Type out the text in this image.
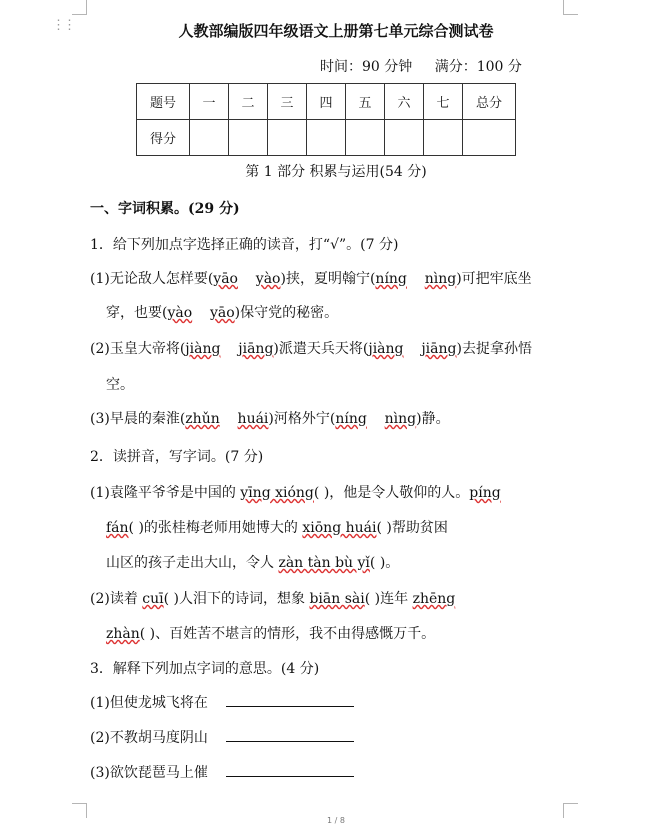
⋮⋮	人教部编版四年级语文上册第七单元综合测试卷
时间：90 分钟 满分：100 分
题号	一	二	三	四	五	六	七	总分
得分								
第 1 部分 积累与运用(54 分)
一、字词积累。(29 分)
1．给下列加点字选择正确的读音，打“√”。(7 分)
(1)无论敌人怎样要(yāo yào)挟，夏明翰宁(níng nìng)可把牢底坐
穿，也要(yào yāo)保守党的秘密。
(2)玉皇大帝将(jiàng jiāng)派遣天兵天将(jiàng jiāng)去捉拿孙悟
空。
(3)早晨的秦淮(zhǔn huái)河格外宁(níng nìng)静。
2．读拼音，写字词。(7 分)
(1)袁隆平爷爷是中国的 yīng xióng( )，他是令人敬仰的人。píng
fán( )的张桂梅老师用她博大的 xiōng huái( )帮助贫困
山区的孩子走出大山，令人 zàn tàn bù yǐ( )。
(2)读着 cuī( )人泪下的诗词，想象 biān sài( )连年 zhēng
zhàn( )、百姓苦不堪言的情形，我不由得感慨万千。
3．解释下列加点字词的意思。(4 分)
(1)但使龙城飞将在
(2)不教胡马度阴山
(3)欲饮琵琶马上催
1 / 8
